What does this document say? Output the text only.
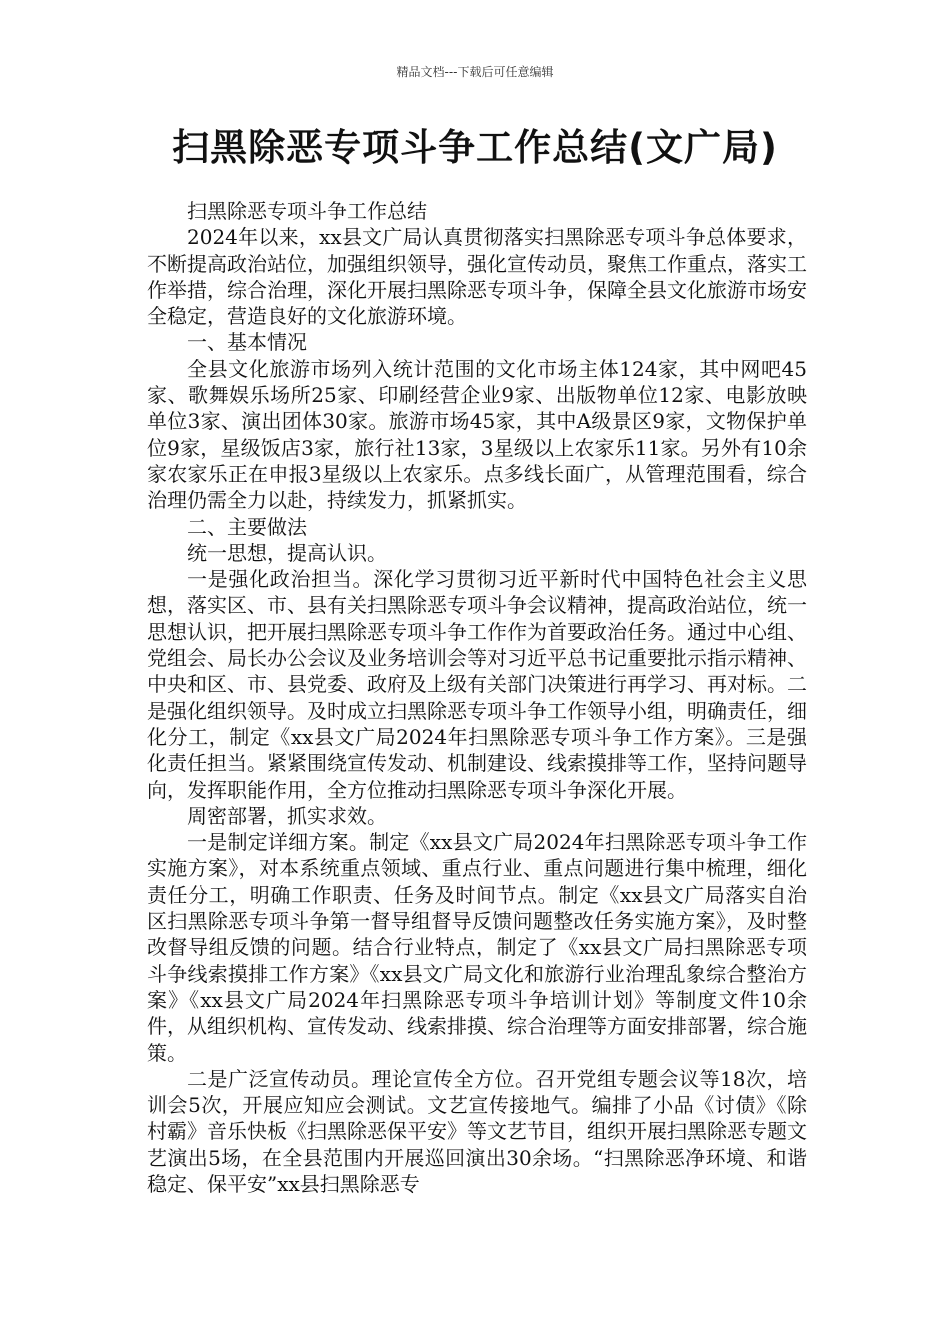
精品文档---下载后可任意编辑
扫黑除恶专项斗争工作总结(文广局)

扫黑除恶专项斗争工作总结

2024年以来，xx县文广局认真贯彻落实扫黑除恶专项斗争总体要求，不断提高政治站位，加强组织领导，强化宣传动员，聚焦工作重点，落实工作举措，综合治理，深化开展扫黑除恶专项斗争，保障全县文化旅游市场安全稳定，营造良好的文化旅游环境。

一、基本情况

全县文化旅游市场列入统计范围的文化市场主体124家，其中网吧45家、歌舞娱乐场所25家、印刷经营企业9家、出版物单位12家、电影放映单位3家、演出团体30家。旅游市场45家，其中A级景区9家，文物保护单位9家，星级饭店3家，旅行社13家，3星级以上农家乐11家。另外有10余家农家乐正在申报3星级以上农家乐。点多线长面广，从管理范围看，综合治理仍需全力以赴，持续发力，抓紧抓实。

二、主要做法

统一思想，提高认识。

一是强化政治担当。深化学习贯彻习近平新时代中国特色社会主义思想，落实区、市、县有关扫黑除恶专项斗争会议精神，提高政治站位，统一思想认识，把开展扫黑除恶专项斗争工作作为首要政治任务。通过中心组、党组会、局长办公会议及业务培训会等对习近平总书记重要批示指示精神、中央和区、市、县党委、政府及上级有关部门决策进行再学习、再对标。二是强化组织领导。及时成立扫黑除恶专项斗争工作领导小组，明确责任，细化分工，制定《xx县文广局2024年扫黑除恶专项斗争工作方案》。三是强化责任担当。紧紧围绕宣传发动、机制建设、线索摸排等工作，坚持问题导向，发挥职能作用，全方位推动扫黑除恶专项斗争深化开展。

周密部署，抓实求效。

一是制定详细方案。制定《xx县文广局2024年扫黑除恶专项斗争工作实施方案》，对本系统重点领域、重点行业、重点问题进行集中梳理，细化责任分工，明确工作职责、任务及时间节点。制定《xx县文广局落实自治区扫黑除恶专项斗争第一督导组督导反馈问题整改任务实施方案》，及时整改督导组反馈的问题。结合行业特点，制定了《xx县文广局扫黑除恶专项斗争线索摸排工作方案》《xx县文广局文化和旅游行业治理乱象综合整治方案》《xx县文广局2024年扫黑除恶专项斗争培训计划》等制度文件10余件，从组织机构、宣传发动、线索排摸、综合治理等方面安排部署，综合施策。

二是广泛宣传动员。理论宣传全方位。召开党组专题会议等18次，培训会5次，开展应知应会测试。文艺宣传接地气。编排了小品《讨债》《除村霸》音乐快板《扫黑除恶保平安》等文艺节目，组织开展扫黑除恶专题文艺演出5场，在全县范围内开展巡回演出30余场。“扫黑除恶净环境、和谐稳定、保平安”xx县扫黑除恶专
